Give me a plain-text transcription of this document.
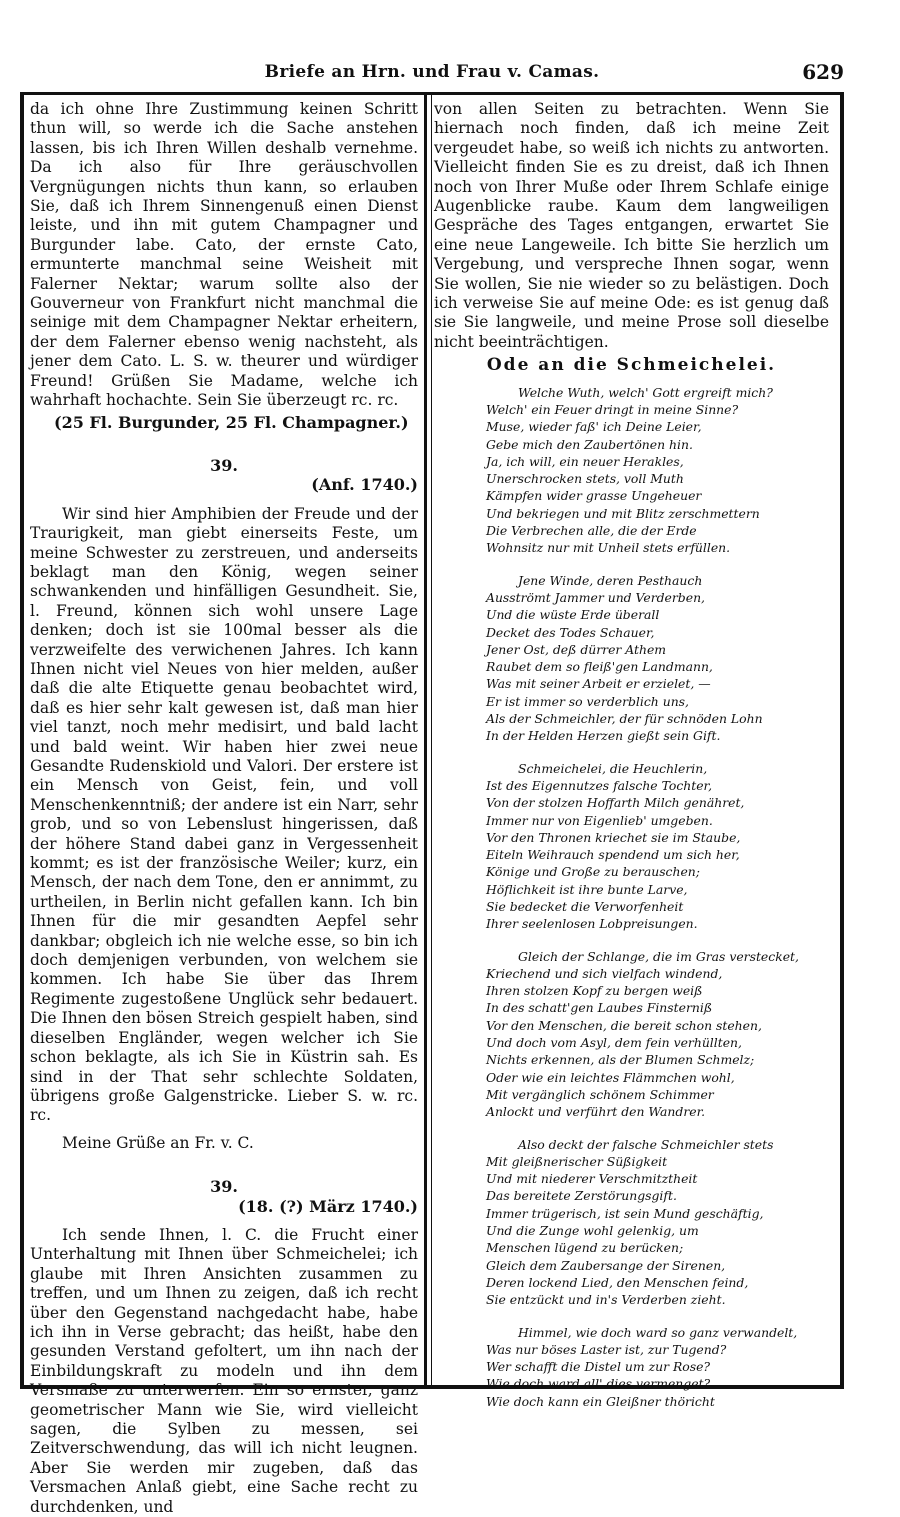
Briefe an Hrn. und Frau v. Camas.	629

da ich ohne Ihre Zustimmung keinen Schritt thun will, so werde ich die Sache anstehen lassen, bis ich Ihren Willen deshalb vernehme. Da ich also für Ihre geräuschvollen Vergnügungen nichts thun kann, so erlauben Sie, daß ich Ihrem Sinnengenuß einen Dienst leiste, und ihn mit gutem Champagner und Burgunder labe. Cato, der ernste Cato, ermunterte manchmal seine Weisheit mit Falerner Nektar; warum sollte also der Gouverneur von Frankfurt nicht manchmal die seinige mit dem Champagner Nektar erheitern, der dem Falerner ebenso wenig nachsteht, als jener dem Cato. L. S. w. theurer und würdiger Freund! Grüßen Sie Madame, welche ich wahrhaft hochachte. Sein Sie überzeugt rc. rc.

(25 Fl. Burgunder, 25 Fl. Champagner.)

39.
(Anf. 1740.)

Wir sind hier Amphibien der Freude und der Traurigkeit, man giebt einerseits Feste, um meine Schwester zu zerstreuen, und anderseits beklagt man den König, wegen seiner schwankenden und hinfälligen Gesundheit. Sie, l. Freund, können sich wohl unsere Lage denken; doch ist sie 100mal besser als die verzweifelte des verwichenen Jahres. Ich kann Ihnen nicht viel Neues von hier melden, außer daß die alte Etiquette genau beobachtet wird, daß es hier sehr kalt gewesen ist, daß man hier viel tanzt, noch mehr medisirt, und bald lacht und bald weint. Wir haben hier zwei neue Gesandte Rudenskiold und Valori. Der erstere ist ein Mensch von Geist, fein, und voll Menschenkenntniß; der andere ist ein Narr, sehr grob, und so von Lebenslust hingerissen, daß der höhere Stand dabei ganz in Vergessenheit kommt; es ist der französische Weiler; kurz, ein Mensch, der nach dem Tone, den er annimmt, zu urtheilen, in Berlin nicht gefallen kann. Ich bin Ihnen für die mir gesandten Aepfel sehr dankbar; obgleich ich nie welche esse, so bin ich doch demjenigen verbunden, von welchem sie kommen. Ich habe Sie über das Ihrem Regimente zugestoßene Unglück sehr bedauert. Die Ihnen den bösen Streich gespielt haben, sind dieselben Engländer, wegen welcher ich Sie schon beklagte, als ich Sie in Küstrin sah. Es sind in der That sehr schlechte Soldaten, übrigens große Galgenstricke. Lieber S. w. rc. rc.

Meine Grüße an Fr. v. C.
39.
(18. (?) März 1740.)

Ich sende Ihnen, l. C. die Frucht einer Unterhaltung mit Ihnen über Schmeichelei; ich glaube mit Ihren Ansichten zusammen zu treffen, und um Ihnen zu zeigen, daß ich recht über den Gegenstand nachgedacht habe, habe ich ihn in Verse gebracht; das heißt, habe den gesunden Verstand gefoltert, um ihn nach der Einbildungskraft zu modeln und ihn dem Versmaße zu unterwerfen. Ein so ernster, ganz geometrischer Mann wie Sie, wird vielleicht sagen, die Sylben zu messen, sei Zeitverschwendung, das will ich nicht leugnen. Aber Sie werden mir zugeben, daß das Versmachen Anlaß giebt, eine Sache recht zu durchdenken, und

von allen Seiten zu betrachten. Wenn Sie hiernach noch finden, daß ich meine Zeit vergeudet habe, so weiß ich nichts zu antworten. Vielleicht finden Sie es zu dreist, daß ich Ihnen noch von Ihrer Muße oder Ihrem Schlafe einige Augenblicke raube. Kaum dem langweiligen Gespräche des Tages entgangen, erwartet Sie eine neue Langeweile. Ich bitte Sie herzlich um Vergebung, und verspreche Ihnen sogar, wenn Sie wollen, Sie nie wieder so zu belästigen. Doch ich verweise Sie auf meine Ode: es ist genug daß sie Sie langweile, und meine Prose soll dieselbe nicht beeinträchtigen.

Ode an die Schmeichelei.
Welche Wuth, welch' Gott ergreift mich?
Welch' ein Feuer dringt in meine Sinne?
Muse, wieder faß' ich Deine Leier,
Gebe mich den Zaubertönen hin.
Ja, ich will, ein neuer Herakles,
Unerschrocken stets, voll Muth
Kämpfen wider grasse Ungeheuer
Und bekriegen und mit Blitz zerschmettern
Die Verbrechen alle, die der Erde
Wohnsitz nur mit Unheil stets erfüllen.
Jene Winde, deren Pesthauch
Ausströmt Jammer und Verderben,
Und die wüste Erde überall
Decket des Todes Schauer,
Jener Ost, deß dürrer Athem
Raubet dem so fleiß'gen Landmann,
Was mit seiner Arbeit er erzielet, —
Er ist immer so verderblich uns,
Als der Schmeichler, der für schnöden Lohn
In der Helden Herzen gießt sein Gift.
Schmeichelei, die Heuchlerin,
Ist des Eigennutzes falsche Tochter,
Von der stolzen Hoffarth Milch genähret,
Immer nur von Eigenlieb' umgeben.
Vor den Thronen kriechet sie im Staube,
Eiteln Weihrauch spendend um sich her,
Könige und Große zu berauschen;
Höflichkeit ist ihre bunte Larve,
Sie bedecket die Verworfenheit
Ihrer seelenlosen Lobpreisungen.
Gleich der Schlange, die im Gras verstecket,
Kriechend und sich vielfach windend,
Ihren stolzen Kopf zu bergen weiß
In des schatt'gen Laubes Finsterniß
Vor den Menschen, die bereit schon stehen,
Und doch vom Asyl, dem fein verhüllten,
Nichts erkennen, als der Blumen Schmelz;
Oder wie ein leichtes Flämmchen wohl,
Mit vergänglich schönem Schimmer
Anlockt und verführt den Wandrer.
Also deckt der falsche Schmeichler stets
Mit gleißnerischer Süßigkeit
Und mit niederer Verschmitztheit
Das bereitete Zerstörungsgift.
Immer trügerisch, ist sein Mund geschäftig,
Und die Zunge wohl gelenkig, um
Menschen lügend zu berücken;
Gleich dem Zaubersange der Sirenen,
Deren lockend Lied, den Menschen feind,
Sie entzückt und in's Verderben zieht.
Himmel, wie doch ward so ganz verwandelt,
Was nur böses Laster ist, zur Tugend?
Wer schafft die Distel um zur Rose?
Wie doch ward all' dies vermenget?
Wie doch kann ein Gleißner thöricht
